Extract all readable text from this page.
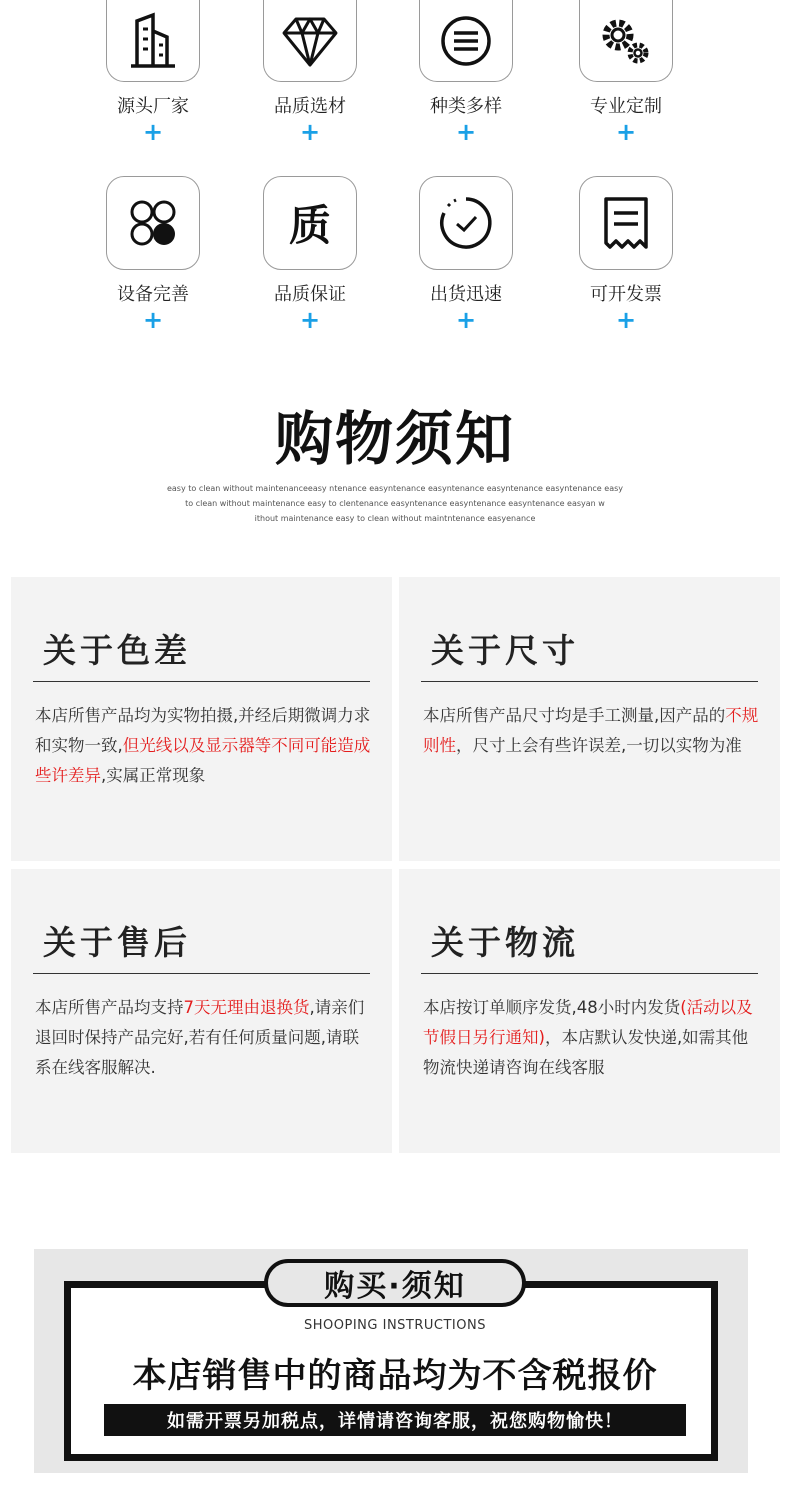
源头厂家
+
品质选材
+
种类多样
+
专业定制
+
设备完善
+
质
品质保证
+
出货迅速
+
可开发票
+
购物须知
easy to clean without maintenanceeasy ntenance easyntenance easyntenance easyntenance easyntenance easy
to clean without maintenance easy to clentenance easyntenance easyntenance easyntenance easyan w
ithout maintenance easy to clean without maintntenance easyenance
关于色差
本店所售产品均为实物拍摄,并经后期微调力求和实物一致,但光线以及显示器等不同可能造成些许差异,实属正常现象
关于尺寸
本店所售产品尺寸均是手工测量,因产品的不规则性，尺寸上会有些许误差,一切以实物为准
关于售后
本店所售产品均支持7天无理由退换货,请亲们退回时保持产品完好,若有任何质量问题,请联系在线客服解决.
关于物流
本店按订单顺序发货,48小时内发货(活动以及节假日另行通知)，本店默认发快递,如需其他物流快递请咨询在线客服
购买·须知
SHOOPING INSTRUCTIONS
本店销售中的商品均为不含税报价
如需开票另加税点，详情请咨询客服，祝您购物愉快！
